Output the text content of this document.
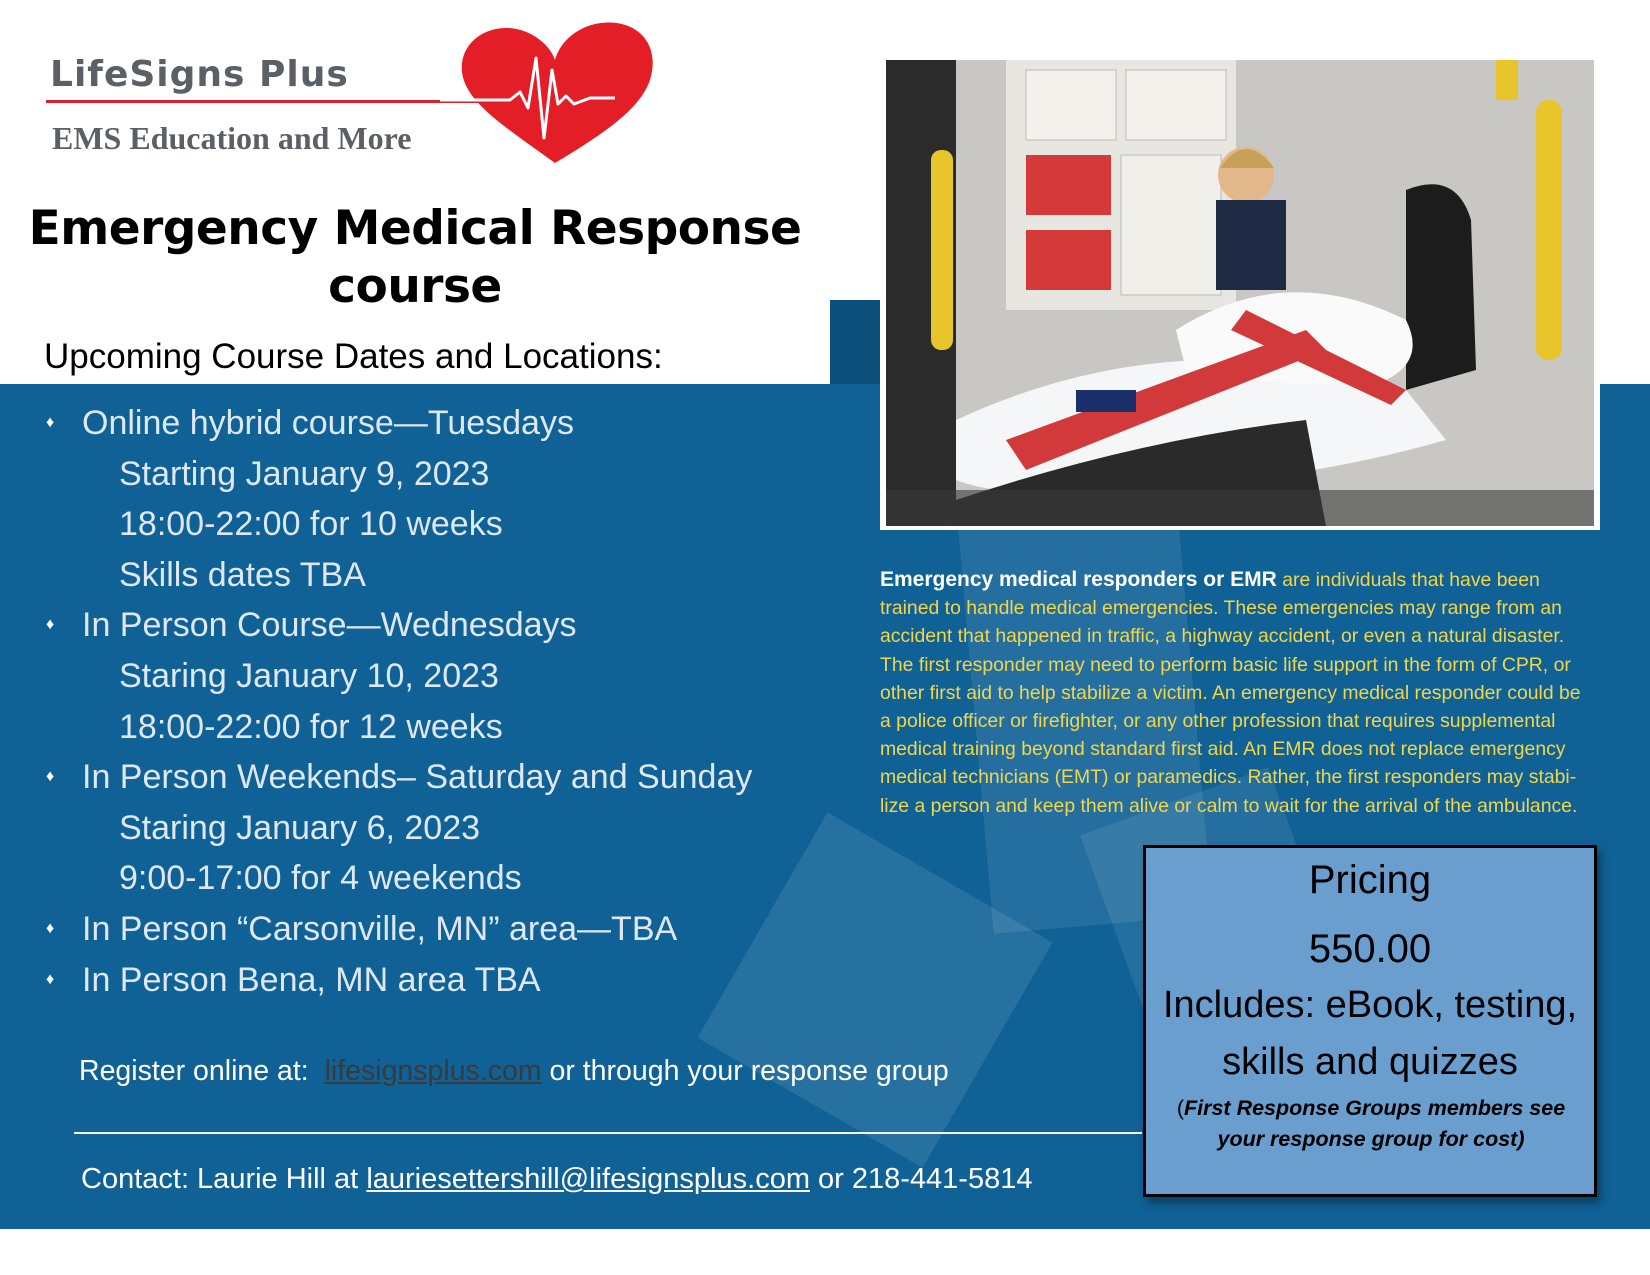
LifeSigns Plus
EMS Education and More
Emergency Medical Response
course
Upcoming Course Dates and Locations:
♦ Online hybrid course—Tuesdays
Starting January 9, 2023
18:00-22:00 for 10 weeks
Skills dates TBA
♦ In Person Course—Wednesdays
Staring January 10, 2023
18:00-22:00 for 12 weeks
♦ In Person Weekends– Saturday and Sunday
Staring January 6, 2023
9:00-17:00 for 4 weekends
♦ In Person “Carsonville, MN” area—TBA
♦ In Person Bena, MN area TBA
Emergency medical responders or EMR are individuals that have been
trained to handle medical emergencies. These emergencies may range from an
accident that happened in traffic, a highway accident, or even a natural disaster.
The first responder may need to perform basic life support in the form of CPR, or
other first aid to help stabilize a victim. An emergency medical responder could be
a police officer or firefighter, or any other profession that requires supplemental
medical training beyond standard first aid. An EMR does not replace emergency
medical technicians (EMT) or paramedics. Rather, the first responders may stabi-
lize a person and keep them alive or calm to wait for the arrival of the ambulance.
Register online at: lifesignsplus.com or through your response group
Contact: Laurie Hill at lauriesettershill@lifesignsplus.com or 218-441-5814
Pricing
550.00
Includes: eBook, testing,
skills and quizzes
(First Response Groups members see your response group for cost)
